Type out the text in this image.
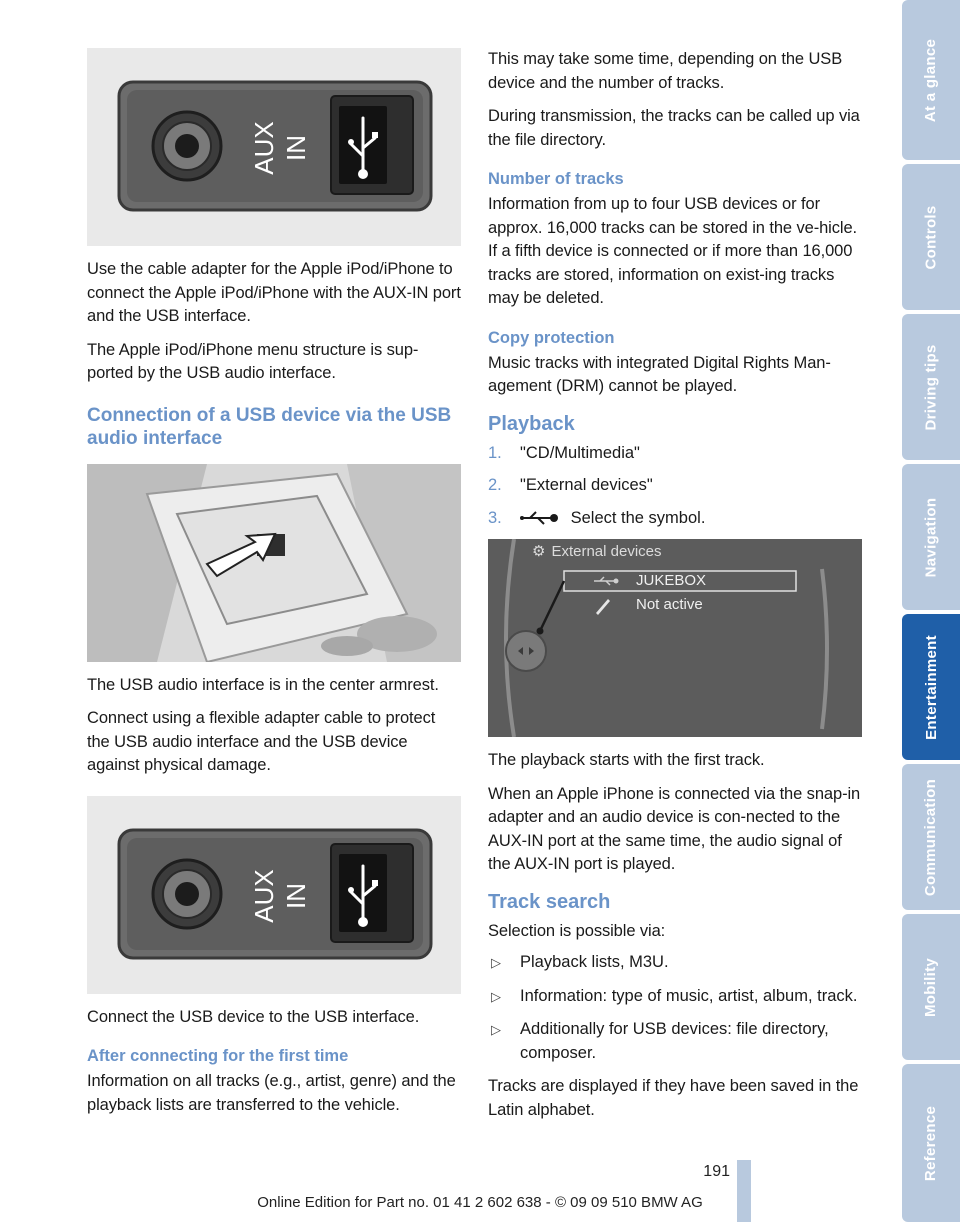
AUX IN

Use the cable adapter for the Apple iPod/iPhone to connect the Apple iPod/iPhone with the AUX-IN port and the USB interface.

The Apple iPod/iPhone menu structure is sup-ported by the USB audio interface.

Connection of a USB device via the USB audio interface

The USB audio interface is in the center armrest.

Connect using a flexible adapter cable to protect the USB audio interface and the USB device against physical damage.

AUX IN

Connect the USB device to the USB interface.

After connecting for the first time

Information on all tracks (e.g., artist, genre) and the playback lists are transferred to the vehicle.

This may take some time, depending on the USB device and the number of tracks.

During transmission, the tracks can be called up via the file directory.

Number of tracks

Information from up to four USB devices or for approx. 16,000 tracks can be stored in the ve-hicle. If a fifth device is connected or if more than 16,000 tracks are stored, information on exist-ing tracks may be deleted.

Copy protection

Music tracks with integrated Digital Rights Man-agement (DRM) cannot be played.

Playback
1. "CD/Multimedia"
2. "External devices"
3.	Select the symbol.
⚙ External devices
JUKEBOX
Not active

The playback starts with the first track.

When an Apple iPhone is connected via the snap-in adapter and an audio device is con-nected to the AUX-IN port at the same time, the audio signal of the AUX-IN port is played.

Track search

Selection is possible via:

▷ Playback lists, M3U.
▷ Information: type of music, artist, album, track.
▷ Additionally for USB devices: file directory, composer.

Tracks are displayed if they have been saved in the Latin alphabet.

At a glance
Controls
Driving tips
Navigation
Entertainment
Communication
Mobility
Reference
191
Online Edition for Part no. 01 41 2 602 638 - © 09 09 510 BMW AG
